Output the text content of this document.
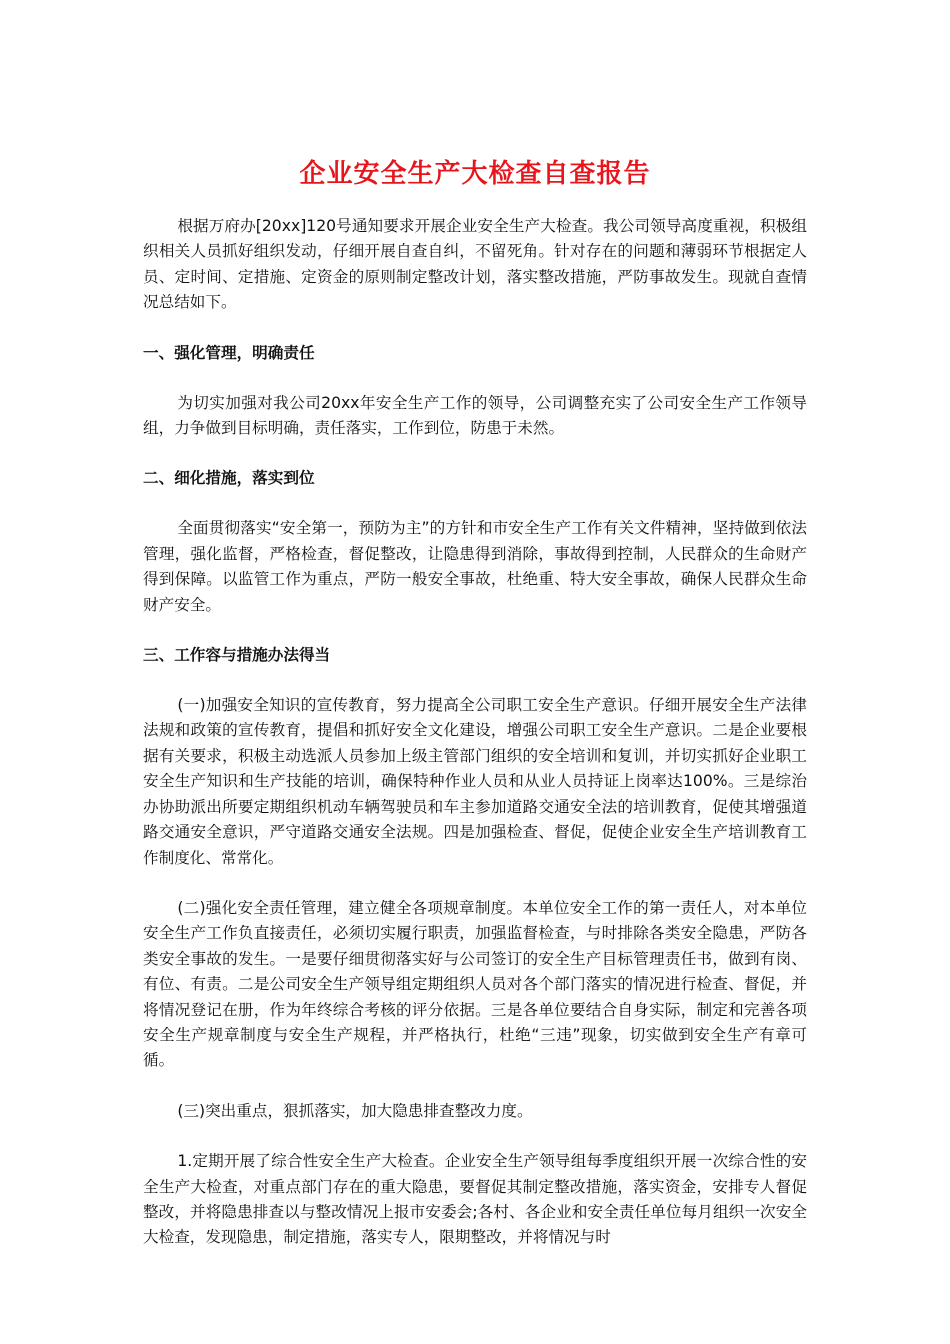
企业安全生产大检查自查报告

根据万府办[20xx]120号通知要求开展企业安全生产大检查。我公司领导高度重视，积极组织相关人员抓好组织发动，仔细开展自查自纠，不留死角。针对存在的问题和薄弱环节根据定人员、定时间、定措施、定资金的原则制定整改计划，落实整改措施，严防事故发生。现就自查情况总结如下。

一、强化管理，明确责任

为切实加强对我公司20xx年安全生产工作的领导，公司调整充实了公司安全生产工作领导组，力争做到目标明确，责任落实，工作到位，防患于未然。

二、细化措施，落实到位

全面贯彻落实“安全第一，预防为主”的方针和市安全生产工作有关文件精神，坚持做到依法管理，强化监督，严格检查，督促整改，让隐患得到消除，事故得到控制，人民群众的生命财产得到保障。以监管工作为重点，严防一般安全事故，杜绝重、特大安全事故，确保人民群众生命财产安全。

三、工作容与措施办法得当

(一)加强安全知识的宣传教育，努力提高全公司职工安全生产意识。仔细开展安全生产法律法规和政策的宣传教育，提倡和抓好安全文化建设，增强公司职工安全生产意识。二是企业要根据有关要求，积极主动选派人员参加上级主管部门组织的安全培训和复训，并切实抓好企业职工安全生产知识和生产技能的培训，确保特种作业人员和从业人员持证上岗率达100%。三是综治办协助派出所要定期组织机动车辆驾驶员和车主参加道路交通安全法的培训教育，促使其增强道路交通安全意识，严守道路交通安全法规。四是加强检查、督促，促使企业安全生产培训教育工作制度化、常常化。

(二)强化安全责任管理，建立健全各项规章制度。本单位安全工作的第一责任人，对本单位安全生产工作负直接责任，必须切实履行职责，加强监督检查，与时排除各类安全隐患，严防各类安全事故的发生。一是要仔细贯彻落实好与公司签订的安全生产目标管理责任书，做到有岗、有位、有责。二是公司安全生产领导组定期组织人员对各个部门落实的情况进行检查、督促，并将情况登记在册，作为年终综合考核的评分依据。三是各单位要结合自身实际，制定和完善各项安全生产规章制度与安全生产规程，并严格执行，杜绝“三违”现象，切实做到安全生产有章可循。

(三)突出重点，狠抓落实，加大隐患排查整改力度。

1.定期开展了综合性安全生产大检查。企业安全生产领导组每季度组织开展一次综合性的安全生产大检查，对重点部门存在的重大隐患，要督促其制定整改措施，落实资金，安排专人督促整改，并将隐患排查以与整改情况上报市安委会;各村、各企业和安全责任单位每月组织一次安全大检查，发现隐患，制定措施，落实专人，限期整改，并将情况与时
